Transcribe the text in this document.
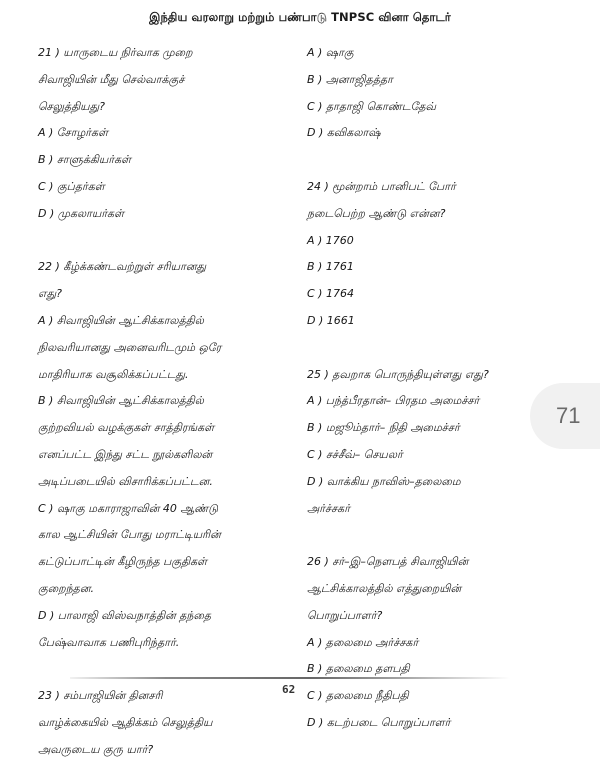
இந்திய வரலாறு மற்றும் பண்பாடு TNPSC வினா தொடர்
21 ) யாருடைய நிர்வாக முறை
சிவாஜியின் மீது செல்வாக்குச்
செலுத்தியது?
A ) சோழர்கள்
B ) சாளுக்கியர்கள்
C ) குப்தர்கள்
D ) முகலாயர்கள்
22 ) கீழ்க்கண்டவற்றுள் சரியானது
எது?
A ) சிவாஜியின் ஆட்சிக்காலத்தில்
நிலவரியானது அனைவரிடமும் ஒரே
மாதிரியாக வசூலிக்கப்பட்டது.
B ) சிவாஜியின் ஆட்சிக்காலத்தில்
குற்றவியல் வழக்குகள் சாத்திரங்கள்
எனப்பட்ட இந்து சட்ட நூல்களிலன்
அடிப்படையில் விசாரிக்கப்பட்டன.
C ) ஷாகு மகாராஜாவின் 40 ஆண்டு
கால ஆட்சியின் போது மராட்டியரின்
கட்டுப்பாட்டின் கீழிருந்த பகுதிகள்
குறைந்தன.
D ) பாலாஜி விஸ்வநாத்தின் தந்தை
பேஷ்வாவாக பணிபுரிந்தார்.
23 ) சம்பாஜியின் தினசரி
வாழ்க்கையில் ஆதிக்கம் செலுத்திய
அவருடைய குரு யார்?
A ) ஷாகு
B ) அனாஜிதத்தா
C ) தாதாஜி கொண்டதேவ்
D ) கவிகலாஷ்
24 ) மூன்றாம் பானிபட் போர்
நடைபெற்ற ஆண்டு என்ன?
A ) 1760
B ) 1761
C ) 1764
D ) 1661
25 ) தவறாக பொருந்தியுள்ளது எது?
A ) பந்த்பீரதான்– பிரதம அமைச்சர்
B ) மஜூம்தார்– நிதி அமைச்சர்
C ) சச்சீவ்– செயலர்
D ) வாக்கிய நாவிஸ்–தலைமை
அர்ச்சகர்
26 ) சர்–இ–நௌபத் சிவாஜியின்
ஆட்சிக்காலத்தில் எத்துறையின்
பொறுப்பாளர்?
A ) தலைமை அர்ச்சகர்
B ) தலைமை தளபதி
C ) தலைமை நீதிபதி
D ) கடற்படை பொறுப்பாளர்
71
62
